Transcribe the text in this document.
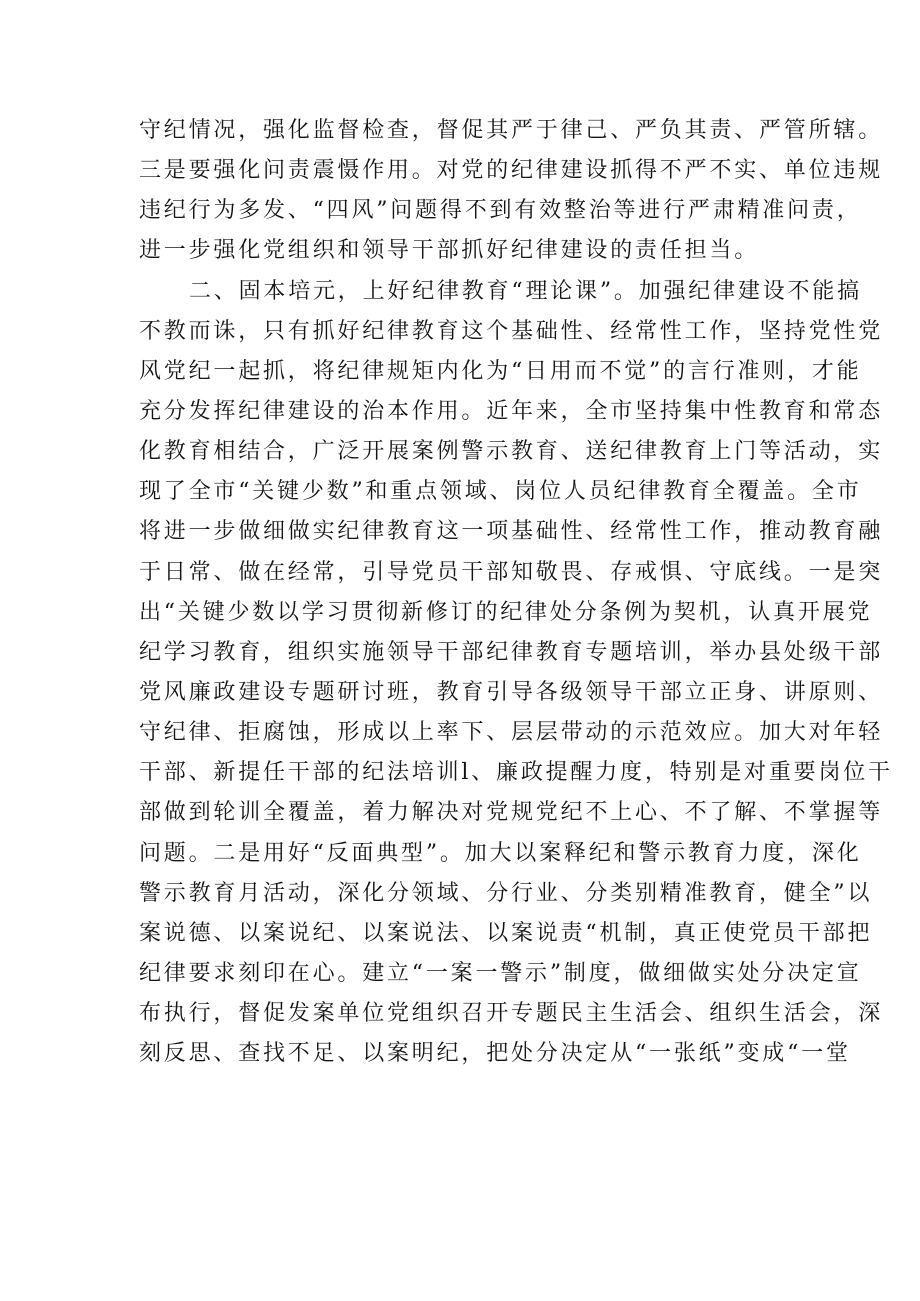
守纪情况，强化监督检查，督促其严于律己、严负其责、严管所辖。
三是要强化问责震慑作用。对党的纪律建设抓得不严不实、单位违规
违纪行为多发、“四风”问题得不到有效整治等进行严肃精准问责，
进一步强化党组织和领导干部抓好纪律建设的责任担当。
二、固本培元，上好纪律教育“理论课”。加强纪律建设不能搞
不教而诛，只有抓好纪律教育这个基础性、经常性工作，坚持党性党
风党纪一起抓，将纪律规矩内化为“日用而不觉”的言行准则，才能
充分发挥纪律建设的治本作用。近年来，全市坚持集中性教育和常态
化教育相结合，广泛开展案例警示教育、送纪律教育上门等活动，实
现了全市“关键少数”和重点领域、岗位人员纪律教育全覆盖。全市
将进一步做细做实纪律教育这一项基础性、经常性工作，推动教育融
于日常、做在经常，引导党员干部知敬畏、存戒惧、守底线。一是突
出“关键少数以学习贯彻新修订的纪律处分条例为契机，认真开展党
纪学习教育，组织实施领导干部纪律教育专题培训，举办县处级干部
党风廉政建设专题研讨班，教育引导各级领导干部立正身、讲原则、
守纪律、拒腐蚀，形成以上率下、层层带动的示范效应。加大对年轻
干部、新提任干部的纪法培训l、廉政提醒力度，特别是对重要岗位干
部做到轮训全覆盖，着力解决对党规党纪不上心、不了解、不掌握等
问题。二是用好“反面典型”。加大以案释纪和警示教育力度，深化
警示教育月活动，深化分领域、分行业、分类别精准教育，健全”以
案说德、以案说纪、以案说法、以案说责“机制，真正使党员干部把
纪律要求刻印在心。建立“一案一警示”制度，做细做实处分决定宣
布执行，督促发案单位党组织召开专题民主生活会、组织生活会，深
刻反思、查找不足、以案明纪，把处分决定从“一张纸”变成“一堂
